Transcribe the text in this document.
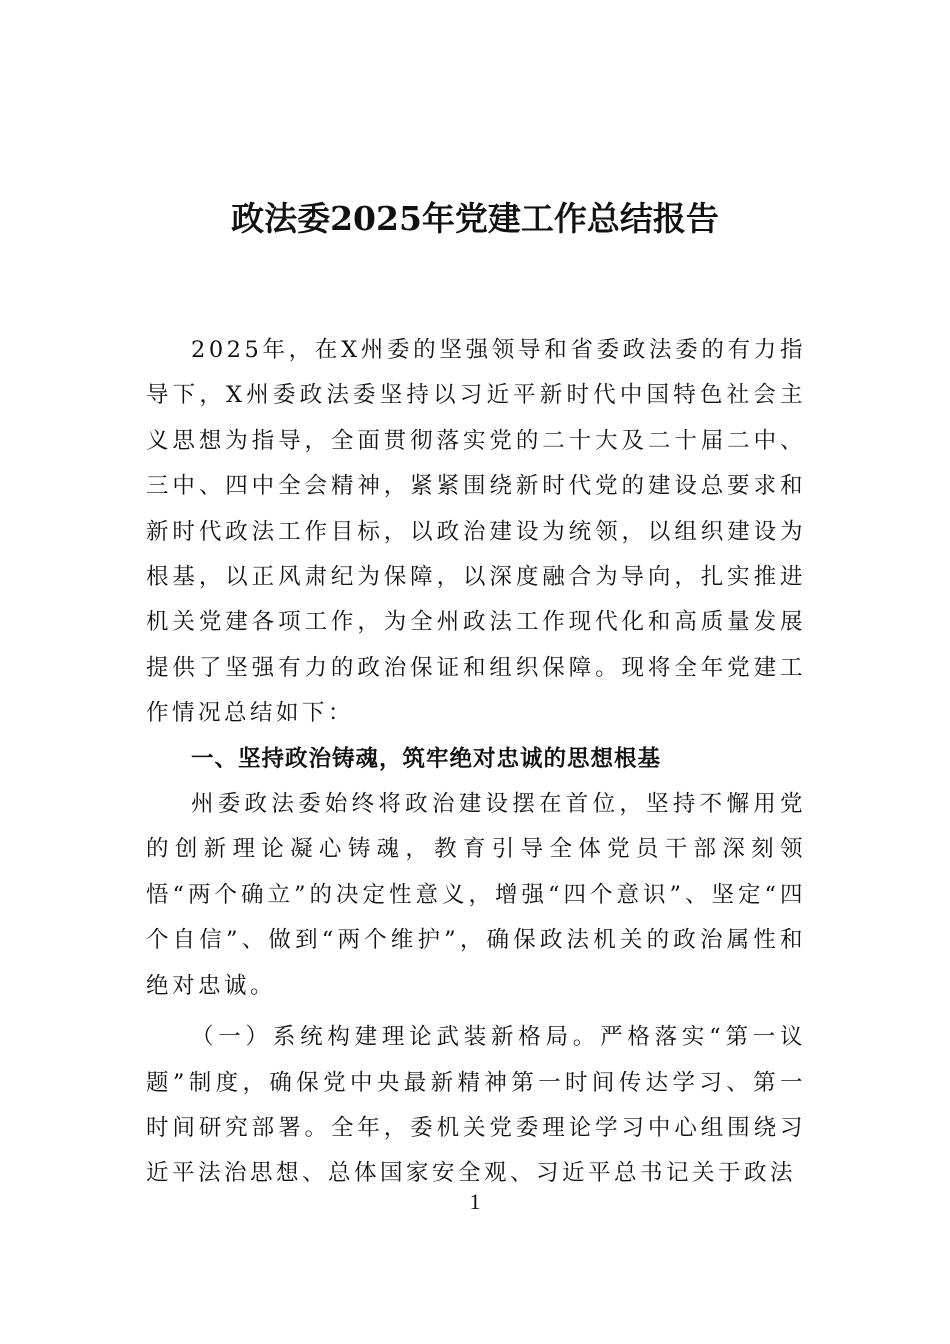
政法委2025年党建工作总结报告

2025年，在X州委的坚强领导和省委政法委的有力指导下，X州委政法委坚持以习近平新时代中国特色社会主义思想为指导，全面贯彻落实党的二十大及二十届二中、三中、四中全会精神，紧紧围绕新时代党的建设总要求和新时代政法工作目标，以政治建设为统领，以组织建设为根基，以正风肃纪为保障，以深度融合为导向，扎实推进机关党建各项工作，为全州政法工作现代化和高质量发展提供了坚强有力的政治保证和组织保障。现将全年党建工作情况总结如下：

一、坚持政治铸魂，筑牢绝对忠诚的思想根基

州委政法委始终将政治建设摆在首位，坚持不懈用党的创新理论凝心铸魂，教育引导全体党员干部深刻领悟“两个确立”的决定性意义，增强“四个意识”、坚定“四个自信”、做到“两个维护”，确保政法机关的政治属性和绝对忠诚。

（一）系统构建理论武装新格局。严格落实“第一议题”制度，确保党中央最新精神第一时间传达学习、第一时间研究部署。全年，委机关党委理论学习中心组围绕习近平法治思想、总体国家安全观、习近平总书记关于政法

1
